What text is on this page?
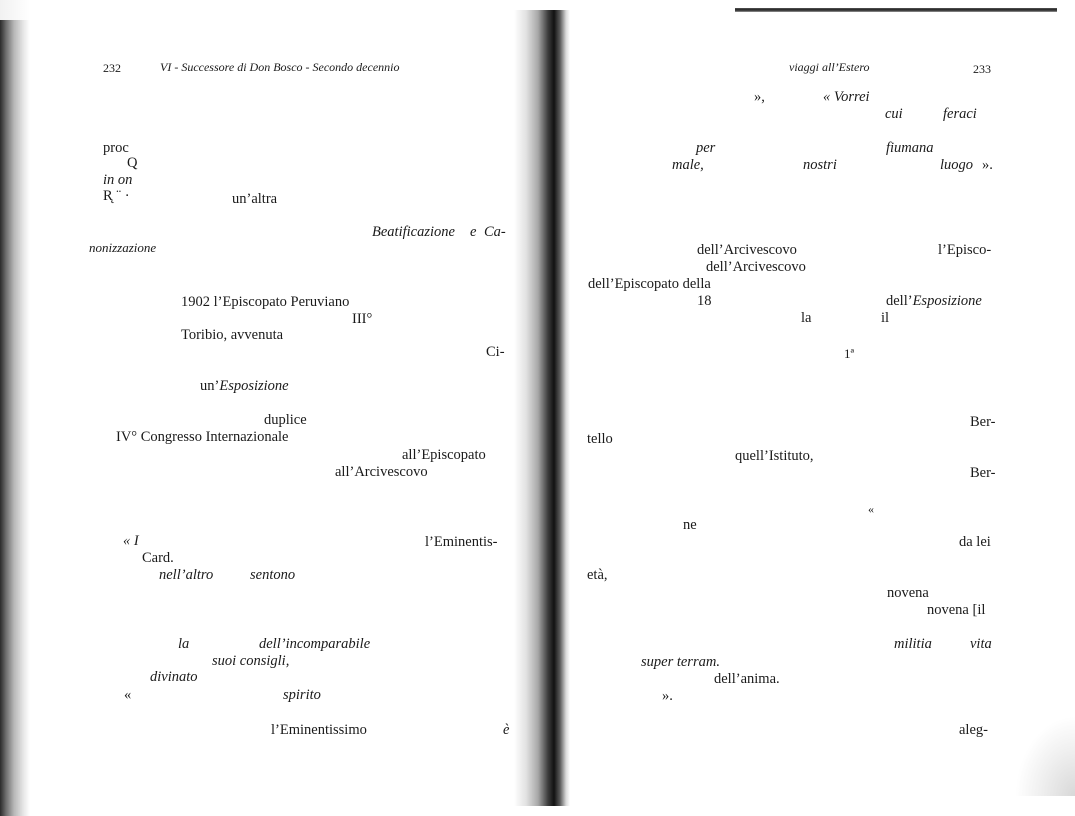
232	VI - Successore di Don Bosco - Secondo decennio
proc
Q
in on
R̨ ¨ ·	un’altra
Beatificazione e Ca-
nonizzazione
1902 l’Episcopato Peruviano
III°
Toribio, avvenuta
Ci-
un’Esposizione
duplice
IV° Congresso Internazionale
all’Episcopato
all’Arcivescovo
« I	l’Eminentis-
Card.
nell’altro	sentono
la	dell’incomparabile
suoi consigli,
divinato
«	spirito
l’Eminentissimo	è
viaggi all’Estero	233
»,	« Vorrei
cui	feraci
per	fiumana
male,	nostri	luogo ».
dell’Arcivescovo	l’Episco-
dell’Arcivescovo
dell’Episcopato della
18	dell’Esposizione
la	il
1ª
Ber-
tello
quell’Istituto,
Ber-
«
ne
da lei
età,
novena
novena [il
militia	vita
super terram.
dell’anima.
».
aleg-
